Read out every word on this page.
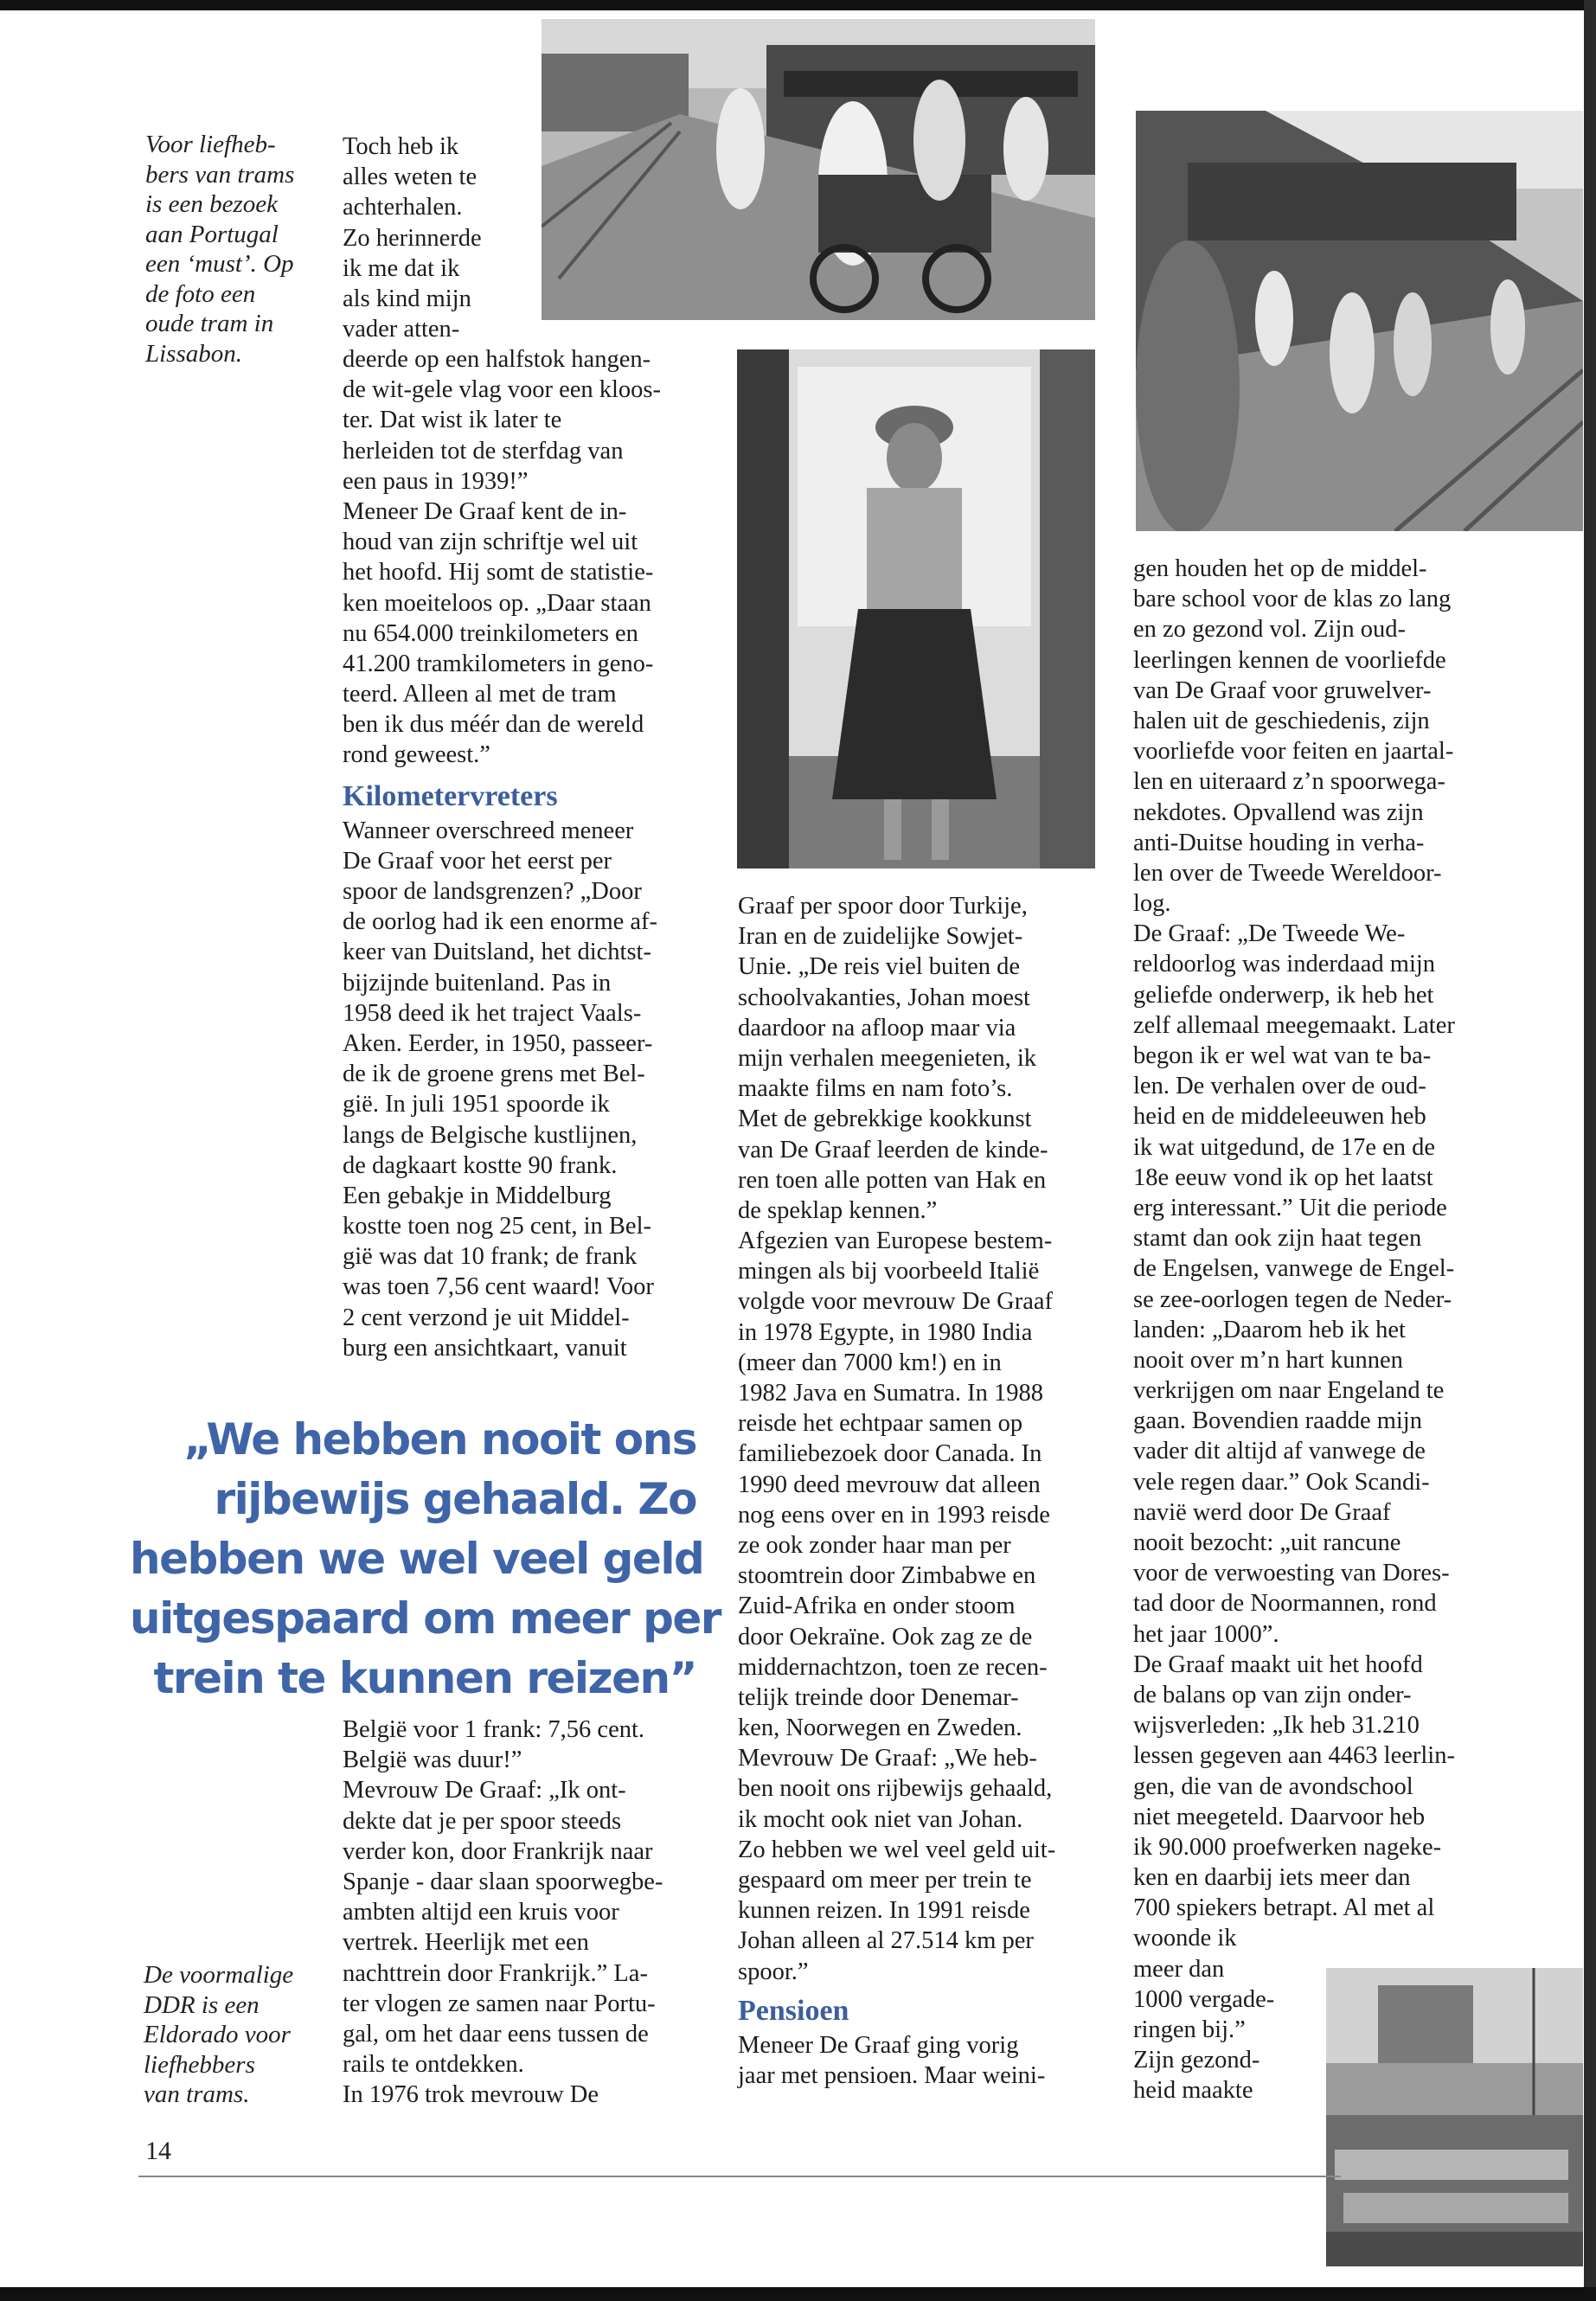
Voor liefheb-
bers van trams
is een bezoek
aan Portugal
een ‘must’. Op
de foto een
oude tram in
Lissabon.
De voormalige
DDR is een
Eldorado voor
liefhebbers
van trams.
Toch heb ik
alles weten te
achterhalen.
Zo herinnerde
ik me dat ik
als kind mijn
vader atten-
deerde op een halfstok hangen-
de wit-gele vlag voor een kloos-
ter. Dat wist ik later te
herleiden tot de sterfdag van
een paus in 1939!”
Meneer De Graaf kent de in-
houd van zijn schriftje wel uit
het hoofd. Hij somt de statistie-
ken moeiteloos op. „Daar staan
nu 654.000 treinkilometers en
41.200 tramkilometers in geno-
teerd. Alleen al met de tram
ben ik dus méér dan de wereld
rond geweest.”
Kilometervreters
Wanneer overschreed meneer
De Graaf voor het eerst per
spoor de landsgrenzen? „Door
de oorlog had ik een enorme af-
keer van Duitsland, het dichtst-
bijzijnde buitenland. Pas in
1958 deed ik het traject Vaals-
Aken. Eerder, in 1950, passeer-
de ik de groene grens met Bel-
gië. In juli 1951 spoorde ik
langs de Belgische kustlijnen,
de dagkaart kostte 90 frank.
Een gebakje in Middelburg
kostte toen nog 25 cent, in Bel-
gië was dat 10 frank; de frank
was toen 7,56 cent waard! Voor
2 cent verzond je uit Middel-
burg een ansichtkaart, vanuit
„We hebben nooit ons
rijbewijs gehaald. Zo
hebben we wel veel geld
uitgespaard om meer per
trein te kunnen reizen”
België voor 1 frank: 7,56 cent.
België was duur!”
Mevrouw De Graaf: „Ik ont-
dekte dat je per spoor steeds
verder kon, door Frankrijk naar
Spanje - daar slaan spoorwegbe-
ambten altijd een kruis voor
vertrek. Heerlijk met een
nachttrein door Frankrijk.” La-
ter vlogen ze samen naar Portu-
gal, om het daar eens tussen de
rails te ontdekken.
In 1976 trok mevrouw De
Graaf per spoor door Turkije,
Iran en de zuidelijke Sowjet-
Unie. „De reis viel buiten de
schoolvakanties, Johan moest
daardoor na afloop maar via
mijn verhalen meegenieten, ik
maakte films en nam foto’s.
Met de gebrekkige kookkunst
van De Graaf leerden de kinde-
ren toen alle potten van Hak en
de speklap kennen.”
Afgezien van Europese bestem-
mingen als bij voorbeeld Italië
volgde voor mevrouw De Graaf
in 1978 Egypte, in 1980 India
(meer dan 7000 km!) en in
1982 Java en Sumatra. In 1988
reisde het echtpaar samen op
familiebezoek door Canada. In
1990 deed mevrouw dat alleen
nog eens over en in 1993 reisde
ze ook zonder haar man per
stoomtrein door Zimbabwe en
Zuid-Afrika en onder stoom
door Oekraïne. Ook zag ze de
middernachtzon, toen ze recen-
telijk treinde door Denemar-
ken, Noorwegen en Zweden.
Mevrouw De Graaf: „We heb-
ben nooit ons rijbewijs gehaald,
ik mocht ook niet van Johan.
Zo hebben we wel veel geld uit-
gespaard om meer per trein te
kunnen reizen. In 1991 reisde
Johan alleen al 27.514 km per
spoor.”
Pensioen
Meneer De Graaf ging vorig
jaar met pensioen. Maar weini-
gen houden het op de middel-
bare school voor de klas zo lang
en zo gezond vol. Zijn oud-
leerlingen kennen de voorliefde
van De Graaf voor gruwelver-
halen uit de geschiedenis, zijn
voorliefde voor feiten en jaartal-
len en uiteraard z’n spoorwega-
nekdotes. Opvallend was zijn
anti-Duitse houding in verha-
len over de Tweede Wereldoor-
log.
De Graaf: „De Tweede We-
reldoorlog was inderdaad mijn
geliefde onderwerp, ik heb het
zelf allemaal meegemaakt. Later
begon ik er wel wat van te ba-
len. De verhalen over de oud-
heid en de middeleeuwen heb
ik wat uitgedund, de 17e en de
18e eeuw vond ik op het laatst
erg interessant.” Uit die periode
stamt dan ook zijn haat tegen
de Engelsen, vanwege de Engel-
se zee-oorlogen tegen de Neder-
landen: „Daarom heb ik het
nooit over m’n hart kunnen
verkrijgen om naar Engeland te
gaan. Bovendien raadde mijn
vader dit altijd af vanwege de
vele regen daar.” Ook Scandi-
navië werd door De Graaf
nooit bezocht: „uit rancune
voor de verwoesting van Dores-
tad door de Noormannen, rond
het jaar 1000”.
De Graaf maakt uit het hoofd
de balans op van zijn onder-
wijsverleden: „Ik heb 31.210
lessen gegeven aan 4463 leerlin-
gen, die van de avondschool
niet meegeteld. Daarvoor heb
ik 90.000 proefwerken nageke-
ken en daarbij iets meer dan
700 spiekers betrapt. Al met al
woonde ik
meer dan
1000 vergade-
ringen bij.”
Zijn gezond-
heid maakte
14
